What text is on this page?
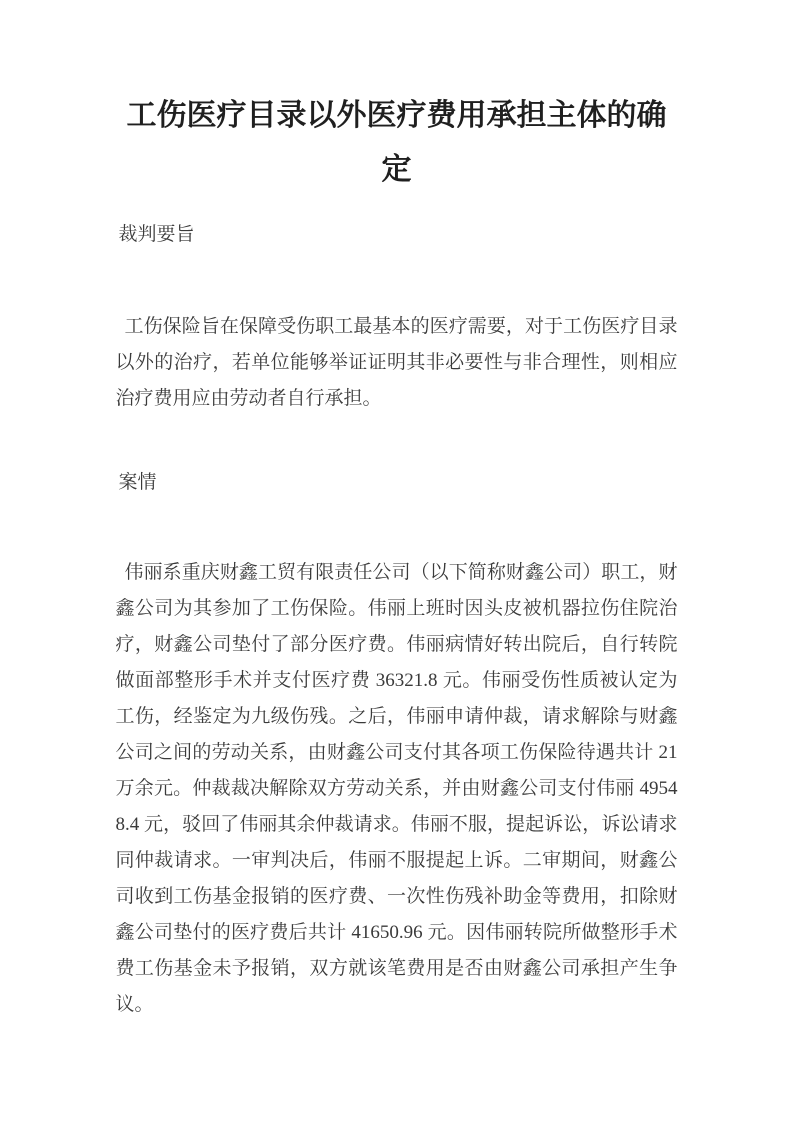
工伤医疗目录以外医疗费用承担主体的确定
裁判要旨

工伤保险旨在保障受伤职工最基本的医疗需要，对于工伤医疗目录以外的治疗，若单位能够举证证明其非必要性与非合理性，则相应治疗费用应由劳动者自行承担。

案情

伟丽系重庆财鑫工贸有限责任公司（以下简称财鑫公司）职工，财鑫公司为其参加了工伤保险。伟丽上班时因头皮被机器拉伤住院治疗，财鑫公司垫付了部分医疗费。伟丽病情好转出院后，自行转院做面部整形手术并支付医疗费 36321.8 元。伟丽受伤性质被认定为工伤，经鉴定为九级伤残。之后，伟丽申请仲裁，请求解除与财鑫公司之间的劳动关系，由财鑫公司支付其各项工伤保险待遇共计 21 万余元。仲裁裁决解除双方劳动关系，并由财鑫公司支付伟丽 49548.4 元，驳回了伟丽其余仲裁请求。伟丽不服，提起诉讼，诉讼请求同仲裁请求。一审判决后，伟丽不服提起上诉。二审期间，财鑫公司收到工伤基金报销的医疗费、一次性伤残补助金等费用，扣除财鑫公司垫付的医疗费后共计 41650.96 元。因伟丽转院所做整形手术费工伤基金未予报销，双方就该笔费用是否由财鑫公司承担产生争议。
